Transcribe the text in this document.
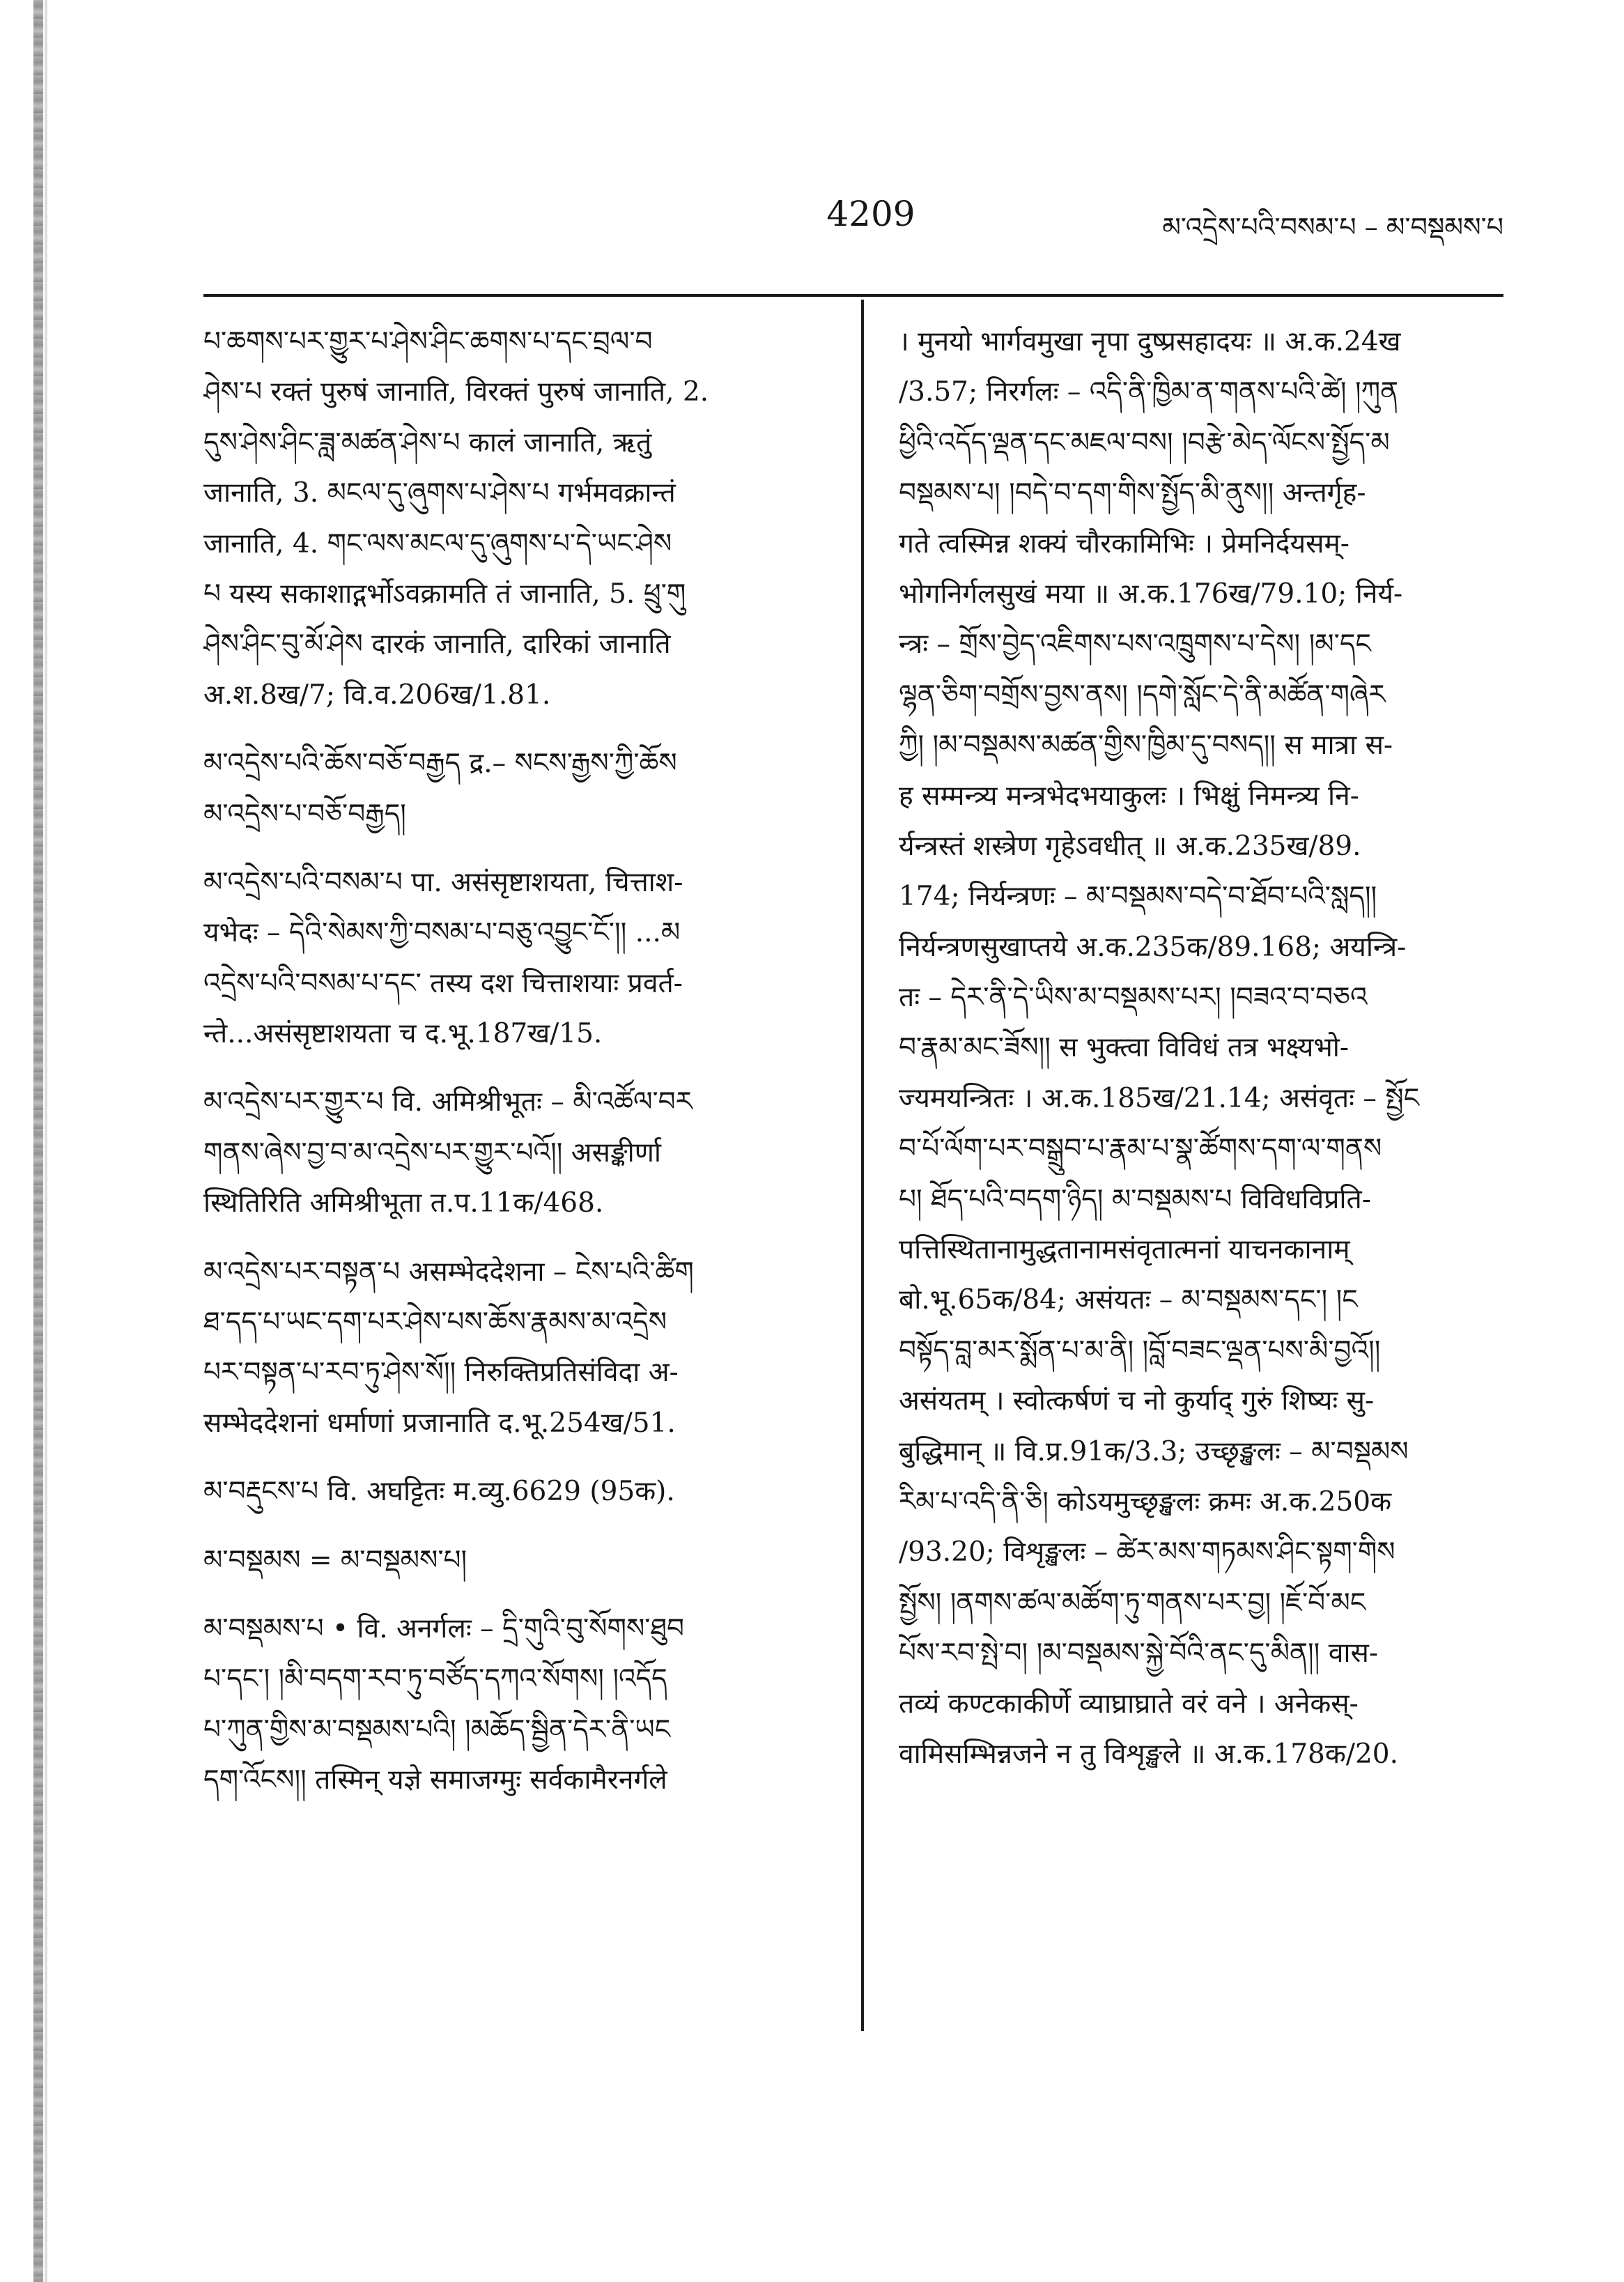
4209	མ་འདྲེས་པའི་བསམ་པ – མ་བསྡམས་པ
པ་ཆགས་པར་གྱུར་པ་ཤེས་ཤིང་ཆགས་པ་དང་བྲལ་བ
ཤེས་པ रक्तं पुरुषं जानाति, विरक्तं पुरुषं जानाति, 2.
དུས་ཤེས་ཤིང་ཟླ་མཚན་ཤེས་པ कालं जानाति, ऋतुं
जानाति, 3. མངལ་དུ་ཞུགས་པ་ཤེས་པ गर्भमवक्रान्तं
जानाति, 4. གང་ལས་མངལ་དུ་ཞུགས་པ་དེ་ཡང་ཤེས
པ यस्य सकाशाद्गर्भोऽवक्रामति तं जानाति, 5. ཕྲུ་གུ
ཤེས་ཤིང་བུ་མོ་ཤེས दारकं जानाति, दारिकां जानाति
अ.श.8ख/7; वि.व.206ख/1.81.
མ་འདྲེས་པའི་ཆོས་བཅོ་བརྒྱད द्र.– སངས་རྒྱས་ཀྱི་ཆོས
མ་འདྲེས་པ་བཅོ་བརྒྱད།
མ་འདྲེས་པའི་བསམ་པ पा. असंसृष्टाशयता, चित्ताश-
यभेदः – དེའི་སེམས་ཀྱི་བསམ་པ་བཅུ་འབྱུང་ངོ་།། ...མ
འདྲེས་པའི་བསམ་པ་དང་ तस्य दश चित्ताशयाः प्रवर्त-
न्ते...असंसृष्टाशयता च द.भू.187ख/15.
མ་འདྲེས་པར་གྱུར་པ वि. अमिश्रीभूतः – མི་འཚོལ་བར
གནས་ཞེས་བྱ་བ་མ་འདྲེས་པར་གྱུར་པའོ།། असङ्कीर्णा
स्थितिरिति अमिश्रीभूता त.प.11क/468.
མ་འདྲེས་པར་བསྟན་པ असम्भेददेशना – ངེས་པའི་ཚིག
ཐ་དད་པ་ཡང་དག་པར་ཤེས་པས་ཆོས་རྣམས་མ་འདྲེས
པར་བསྟན་པ་རབ་ཏུ་ཤེས་སོ།། निरुक्तिप्रतिसंविदा अ-
सम्भेददेशनां धर्माणां प्रजानाति द.भू.254ख/51.
མ་བརྡུངས་པ वि. अघट्टितः म.व्यु.6629 (95क).
མ་བསྡམས = མ་བསྡམས་པ།
མ་བསྡམས་པ • वि. अनर्गलः – དྲི་གུའི་བུ་སོགས་ཐུབ
པ་དང་། །མི་བདག་རབ་ཏུ་བཙོད་དཀའ་སོགས། །འདོད
པ་ཀུན་གྱིས་མ་བསྡམས་པའི། །མཆོད་སྦྱིན་དེར་ནི་ཡང
དག་འོངས།། तस्मिन् यज्ञे समाजग्मुः सर्वकामैरनर्गले
। मुनयो भार्गवमुखा नृपा दुष्प्रसहादयः ॥ अ.क.24ख
/3.57; निरर्गलः – འདི་ནི་ཁྱིམ་ན་གནས་པའི་ཚེ། །ཀུན
ཕྱིའི་འདོད་ལྡན་དང་མཇལ་བས། །བརྩེ་མེད་ལོངས་སྤྱོད་མ
བསྡམས་པ། །བདེ་བ་དག་གིས་སྤྱོད་མི་ནུས།། अन्तर्गृह-
गते त्वस्मिन्न शक्यं चौरकामिभिः । प्रेमनिर्दयसम्-
भोगनिर्गलसुखं मया ॥ अ.क.176ख/79.10; निर्य-
न्त्रः – གྲོས་བྱེད་འཇིགས་པས་འཁྲུགས་པ་དེས། །མ་དང
ལྷན་ཅིག་བགྲོས་བྱས་ནས། །དགེ་སློང་དེ་ནི་མཚོན་གཞེར
ཀྱི། །མ་བསྡམས་མཚན་གྱིས་ཁྱིམ་དུ་བསད།། स मात्रा स-
ह सम्मन्त्र्य मन्त्रभेदभयाकुलः । भिक्षुं निमन्त्र्य नि-
र्यन्त्रस्तं शस्त्रेण गृहेऽवधीत् ॥ अ.क.235ख/89.
174; निर्यन्त्रणः – མ་བསྡམས་བདེ་བ་ཐོབ་པའི་སླད།།
निर्यन्त्रणसुखाप्तये अ.क.235क/89.168; अयन्त्रि-
तः – དེར་ནི་དེ་ཡིས་མ་བསྡམས་པར། །བཟའ་བ་བཅའ
བ་རྣམ་མང་ཟོས།། स भुक्त्वा विविधं तत्र भक्ष्यभो-
ज्यमयन्त्रितः । अ.क.185ख/21.14; असंवृतः – སྤྱོང
བ་པོ་ལོག་པར་བསྒྲུབ་པ་རྣམ་པ་སྣ་ཚོགས་དག་ལ་གནས
པ། ཐོད་པའི་བདག་ཉིད། མ་བསྡམས་པ विविधविप्रति-
पत्तिस्थितानामुद्धतानामसंवृतात्मनां याचनकानाम्
बो.भू.65क/84; असंयतः – མ་བསྡམས་དང་། །ང
བསྟོད་བླ་མར་སྨོན་པ་མ་ནི། །བློ་བཟང་ལྡན་པས་མི་བྱའོ།།
असंयतम् । स्वोत्कर्षणं च नो कुर्याद् गुरुं शिष्यः सु-
बुद्धिमान् ॥ वि.प्र.91क/3.3; उच्छृङ्खलः – མ་བསྡམས
རིམ་པ་འདི་ནི་ཅི། कोऽयमुच्छृङ्खलः क्रमः अ.क.250क
/93.20; विशृङ्खलः – ཚེར་མས་གཏམས་ཤིང་སྟག་གིས
སྤྱོས། །ནགས་ཚལ་མཚོག་ཏུ་གནས་པར་བྱ། །ཇོ་བོ་མང
པོས་རབ་སྤེ་བ། །མ་བསྡམས་སྐྱེ་བོའི་ནང་དུ་མིན།། वास-
तव्यं कण्टकाकीर्णे व्याघ्राघ्राते वरं वने । अनेकस्-
वामिसम्भिन्नजने न तु विशृङ्खले ॥ अ.क.178क/20.
